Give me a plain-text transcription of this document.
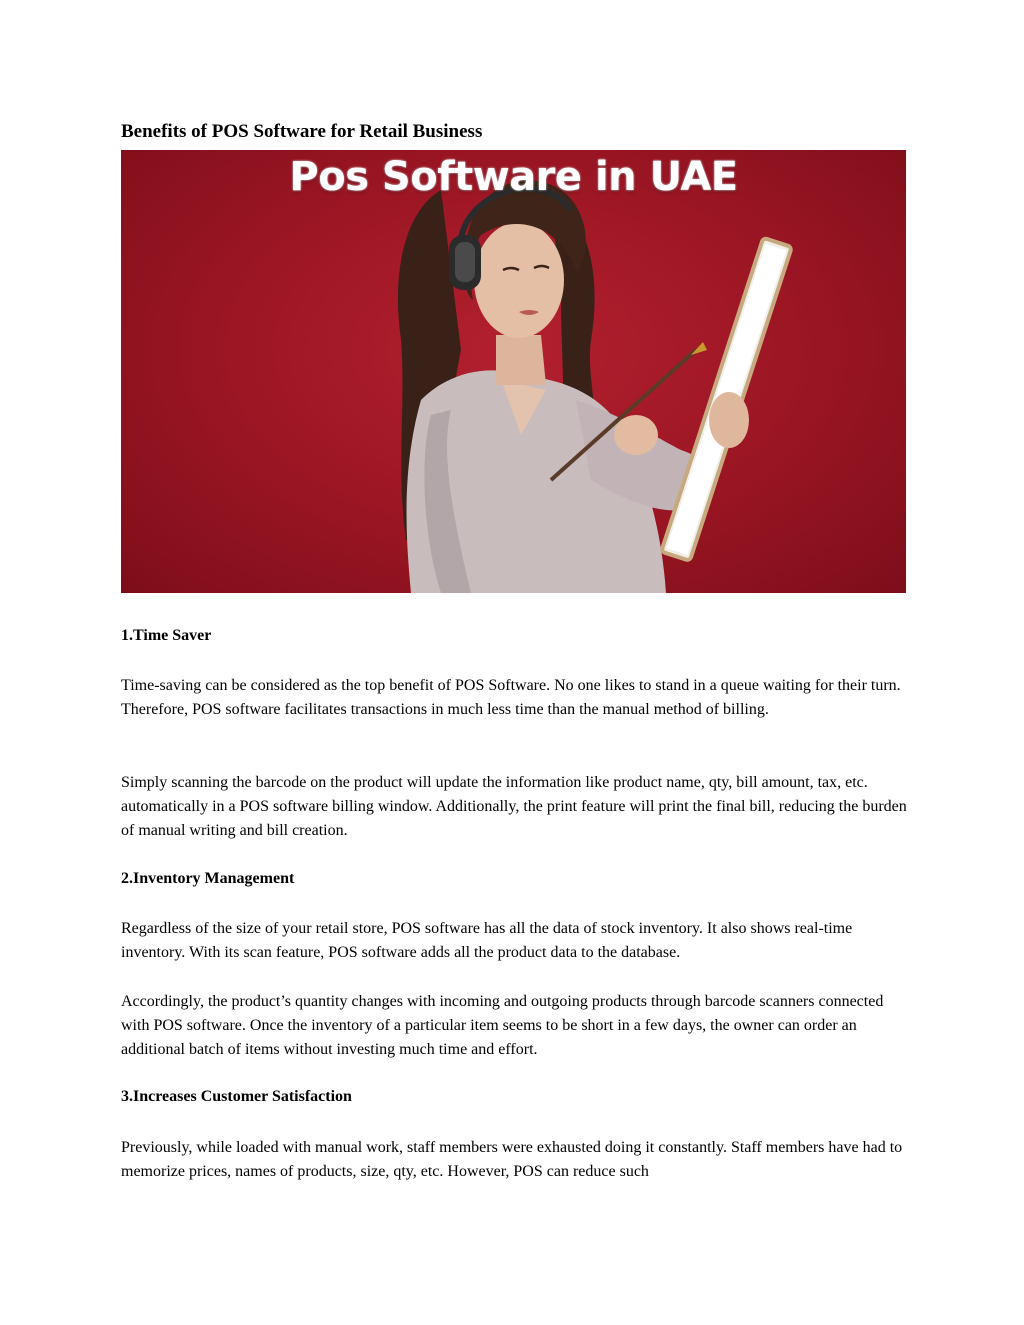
Benefits of POS Software for Retail Business
Pos Software in UAE
1.Time Saver

Time-saving can be considered as the top benefit of POS Software. No one likes to stand in a queue waiting for their turn. Therefore, POS software facilitates transactions in much less time than the manual method of billing.

Simply scanning the barcode on the product will update the information like product name, qty, bill amount, tax, etc. automatically in a POS software billing window. Additionally, the print feature will print the final bill, reducing the burden of manual writing and bill creation.

2.Inventory Management

Regardless of the size of your retail store, POS software has all the data of stock inventory. It also shows real-time inventory. With its scan feature, POS software adds all the product data to the database.

Accordingly, the product’s quantity changes with incoming and outgoing products through barcode scanners connected with POS software. Once the inventory of a particular item seems to be short in a few days, the owner can order an additional batch of items without investing much time and effort.

3.Increases Customer Satisfaction

Previously, while loaded with manual work, staff members were exhausted doing it constantly. Staff members have had to memorize prices, names of products, size, qty, etc. However, POS can reduce such
